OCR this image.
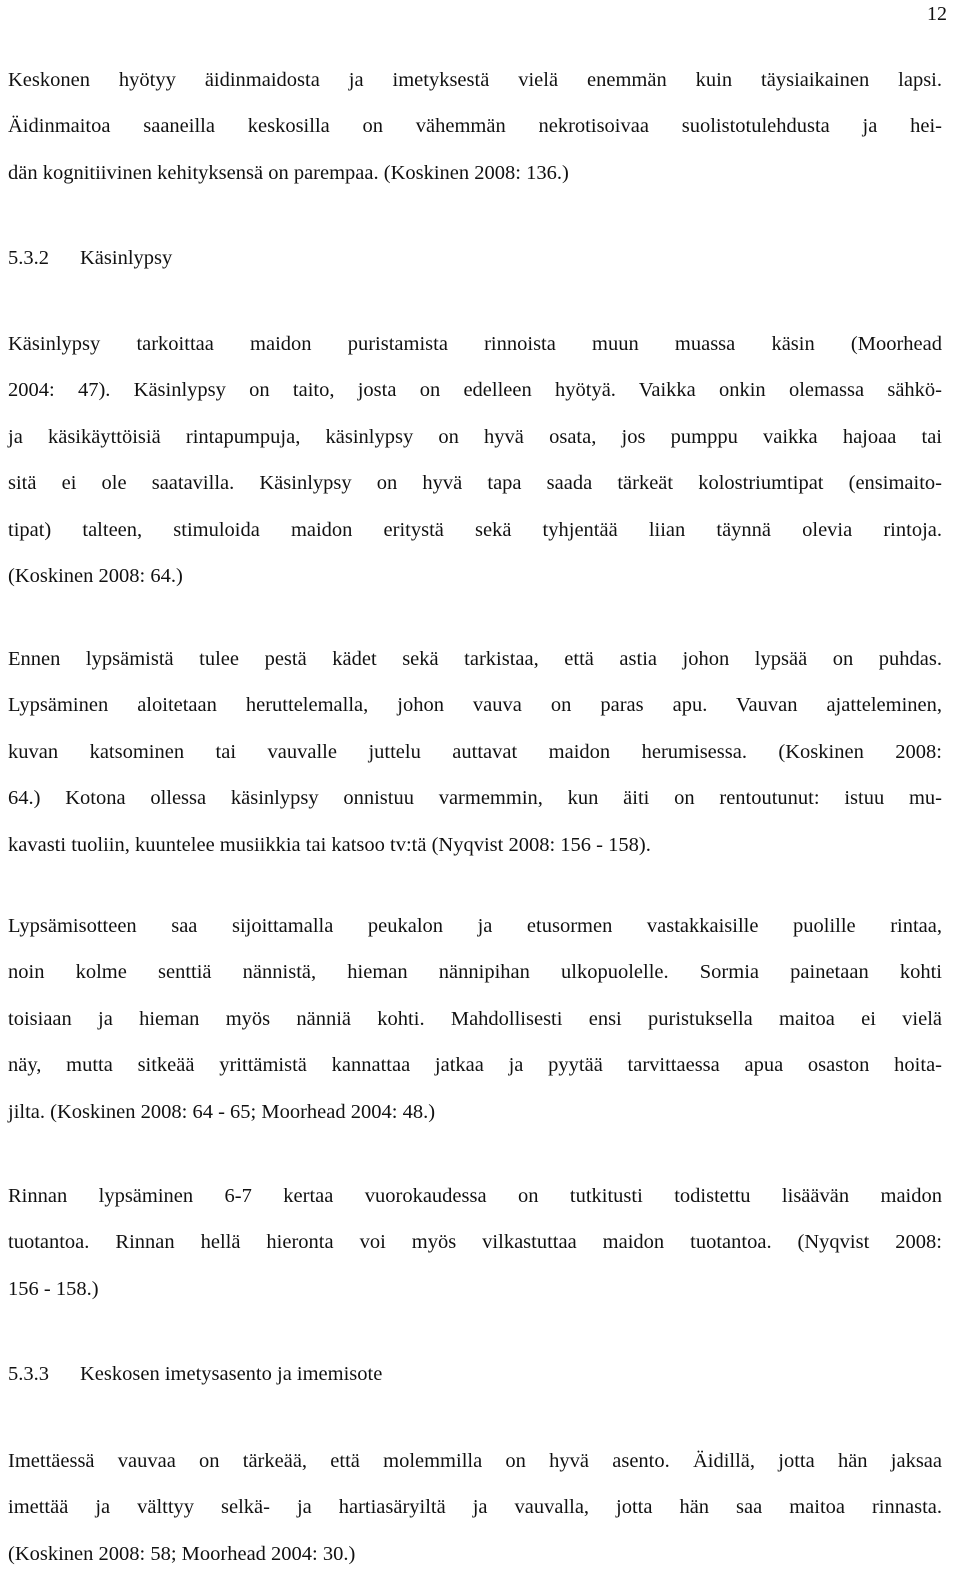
12
Keskonen hyötyy äidinmaidosta ja imetyksestä vielä enemmän kuin täysiaikainen lapsi.
Äidinmaitoa saaneilla keskosilla on vähemmän nekrotisoivaa suolistotulehdusta ja hei-
dän kognitiivinen kehityksensä on parempaa. (Koskinen 2008: 136.)
5.3.2 Käsinlypsy
Käsinlypsy tarkoittaa maidon puristamista rinnoista muun muassa käsin (Moorhead
2004: 47). Käsinlypsy on taito, josta on edelleen hyötyä. Vaikka onkin olemassa sähkö-
ja käsikäyttöisiä rintapumpuja, käsinlypsy on hyvä osata, jos pumppu vaikka hajoaa tai
sitä ei ole saatavilla. Käsinlypsy on hyvä tapa saada tärkeät kolostriumtipat (ensimaito-
tipat) talteen, stimuloida maidon eritystä sekä tyhjentää liian täynnä olevia rintoja.
(Koskinen 2008: 64.)
Ennen lypsämistä tulee pestä kädet sekä tarkistaa, että astia johon lypsää on puhdas.
Lypsäminen aloitetaan heruttelemalla, johon vauva on paras apu. Vauvan ajatteleminen,
kuvan katsominen tai vauvalle juttelu auttavat maidon herumisessa. (Koskinen 2008:
64.) Kotona ollessa käsinlypsy onnistuu varmemmin, kun äiti on rentoutunut: istuu mu-
kavasti tuoliin, kuuntelee musiikkia tai katsoo tv:tä (Nyqvist 2008: 156 - 158).
Lypsämisotteen saa sijoittamalla peukalon ja etusormen vastakkaisille puolille rintaa,
noin kolme senttiä nännistä, hieman nännipihan ulkopuolelle. Sormia painetaan kohti
toisiaan ja hieman myös nänniä kohti. Mahdollisesti ensi puristuksella maitoa ei vielä
näy, mutta sitkeää yrittämistä kannattaa jatkaa ja pyytää tarvittaessa apua osaston hoita-
jilta. (Koskinen 2008: 64 - 65; Moorhead 2004: 48.)
Rinnan lypsäminen 6-7 kertaa vuorokaudessa on tutkitusti todistettu lisäävän maidon
tuotantoa. Rinnan hellä hieronta voi myös vilkastuttaa maidon tuotantoa. (Nyqvist 2008:
156 - 158.)
5.3.3 Keskosen imetysasento ja imemisote
Imettäessä vauvaa on tärkeää, että molemmilla on hyvä asento. Äidillä, jotta hän jaksaa
imettää ja välttyy selkä- ja hartiasäryiltä ja vauvalla, jotta hän saa maitoa rinnasta.
(Koskinen 2008: 58; Moorhead 2004: 30.)
